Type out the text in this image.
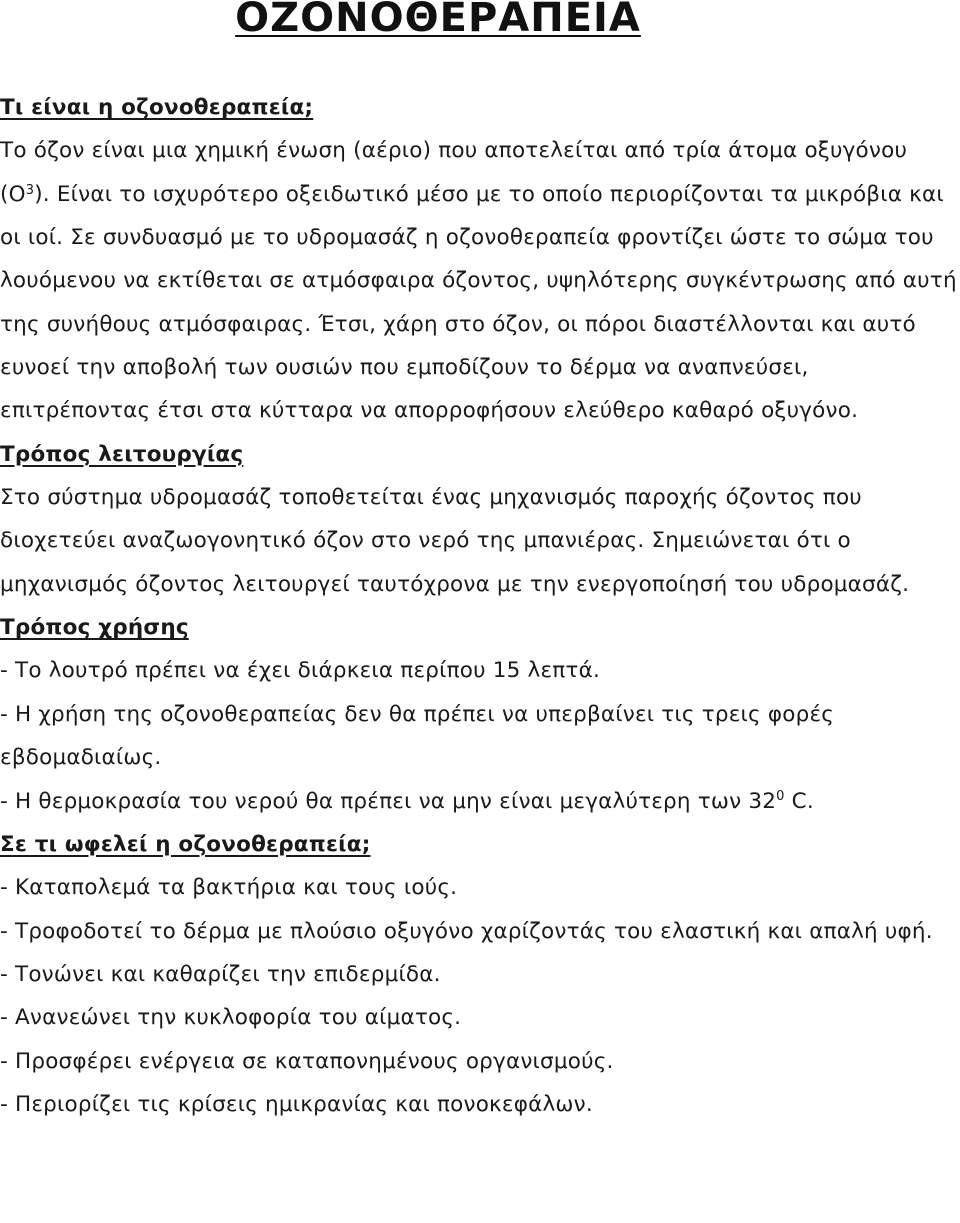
ΟΖΟΝΟΘΕΡΑΠΕΙΑ

Τι είναι η οζονοθεραπεία;

Το όζον είναι μια χημική ένωση (αέριο) που αποτελείται από τρία άτομα οξυγόνου $(O^3)$. Είναι το ισχυρότερο οξειδωτικό μέσο με το οποίο περιορίζονται τα μικρόβια και οι ιοί. Σε συνδυασμό με το υδρομασάζ η οζονοθεραπεία φροντίζει ώστε το σώμα του λουόμενου να εκτίθεται σε ατμόσφαιρα όζοντος, υψηλότερης συγκέντρωσης από αυτή της συνήθους ατμόσφαιρας. Έτσι, χάρη στο όζον, οι πόροι διαστέλλονται και αυτό ευνοεί την αποβολή των ουσιών που εμποδίζουν το δέρμα να αναπνεύσει, επιτρέποντας έτσι στα κύτταρα να απορροφήσουν ελεύθερο καθαρό οξυγόνο.

Τρόπος λειτουργίας

Στο σύστημα υδρομασάζ τοποθετείται ένας μηχανισμός παροχής όζοντος που διοχετεύει αναζωογονητικό όζον στο νερό της μπανιέρας. Σημειώνεται ότι ο μηχανισμός όζοντος λειτουργεί ταυτόχρονα με την ενεργοποίησή του υδρομασάζ.

Τρόπος χρήσης

- Το λουτρό πρέπει να έχει διάρκεια περίπου 15 λεπτά.

- Η χρήση της οζονοθεραπείας δεν θα πρέπει να υπερβαίνει τις τρεις φορές εβδομαδιαίως.

- Η θερμοκρασία του νερού θα πρέπει να μην είναι μεγαλύτερη των $32^0$ C.

Σε τι ωφελεί η οζονοθεραπεία;

- Καταπολεμά τα βακτήρια και τους ιούς.

- Τροφοδοτεί το δέρμα με πλούσιο οξυγόνο χαρίζοντάς του ελαστική και απαλή υφή.

- Τονώνει και καθαρίζει την επιδερμίδα.

- Ανανεώνει την κυκλοφορία του αίματος.

- Προσφέρει ενέργεια σε καταπονημένους οργανισμούς.

- Περιορίζει τις κρίσεις ημικρανίας και πονοκεφάλων.
